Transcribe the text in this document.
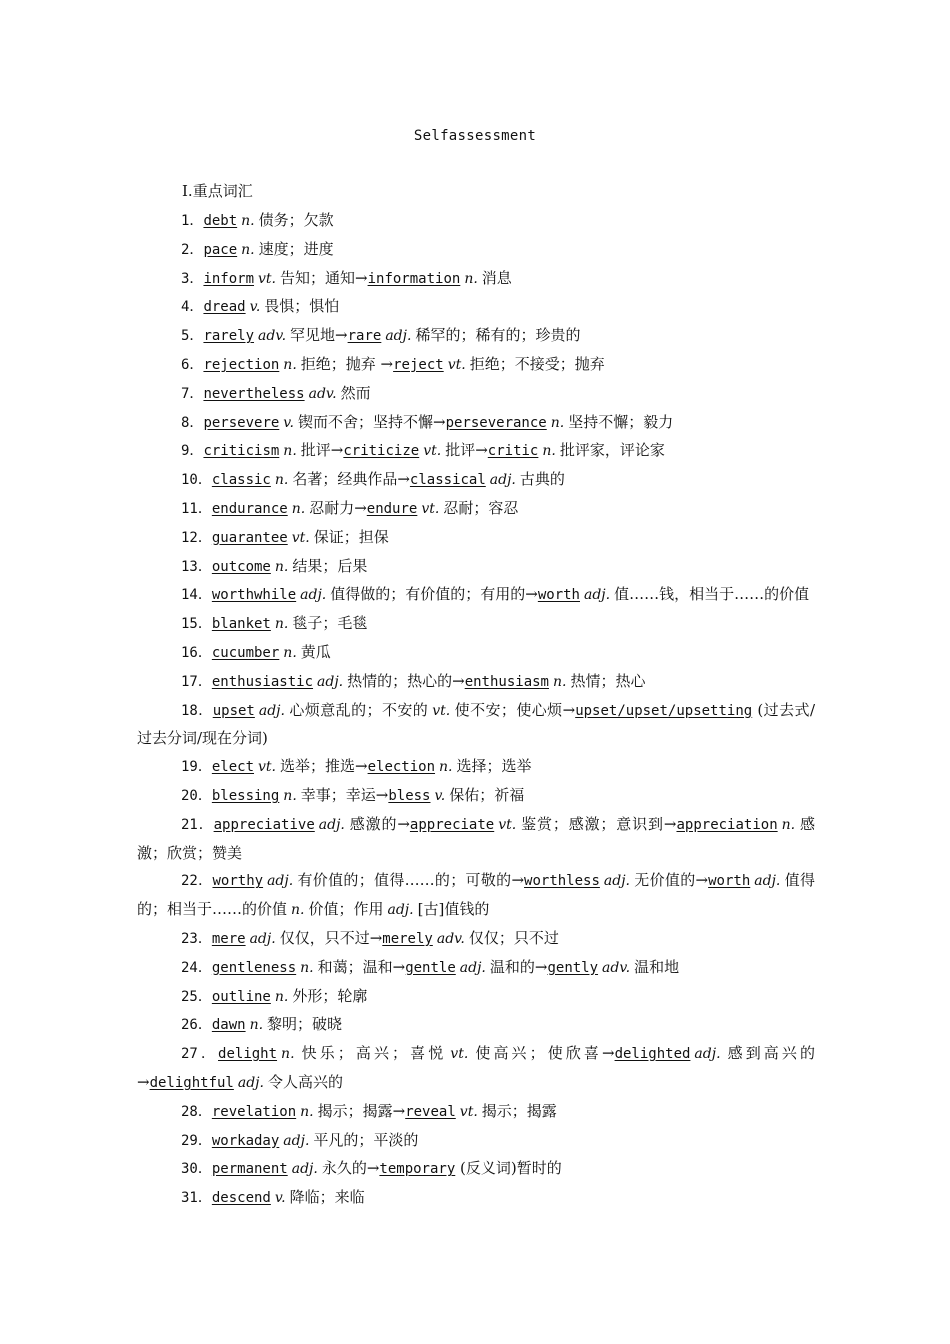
Selfassessment
Ⅰ.重点词汇
1．debt n. 债务；欠款
2．pace n. 速度；进度
3．inform vt. 告知；通知→information n. 消息
4．dread v. 畏惧；惧怕
5．rarely adv. 罕见地→rare adj. 稀罕的；稀有的；珍贵的
6．rejection n. 拒绝；抛弃 →reject vt. 拒绝；不接受；抛弃
7．nevertheless adv. 然而
8．persevere v. 锲而不舍；坚持不懈→perseverance n. 坚持不懈；毅力
9．criticism n. 批评→criticize vt. 批评→critic n. 批评家，评论家
10．classic n. 名著；经典作品→classical adj. 古典的
11．endurance n. 忍耐力→endure vt. 忍耐；容忍
12．guarantee vt. 保证；担保
13．outcome n. 结果；后果
14．worthwhile adj. 值得做的；有价值的；有用的→worth adj. 值……钱，相当于……的价值
15．blanket n. 毯子；毛毯
16．cucumber n. 黄瓜
17．enthusiastic adj. 热情的；热心的→enthusiasm n. 热情；热心
18．upset adj. 心烦意乱的；不安的 vt. 使不安；使心烦→upset/upset/upsetting (过去式/过去分词/现在分词)
19．elect vt. 选举；推选→election n. 选择；选举
20．blessing n. 幸事；幸运→bless v. 保佑；祈福
21．appreciative adj. 感激的→appreciate vt. 鉴赏；感激；意识到→appreciation n. 感激；欣赏；赞美
22．worthy adj. 有价值的；值得……的；可敬的→worthless adj. 无价值的→worth adj. 值得的；相当于……的价值 n. 价值；作用 adj. [古]值钱的
23．mere adj. 仅仅，只不过→merely adv. 仅仅；只不过
24．gentleness n. 和蔼；温和→gentle adj. 温和的→gently adv. 温和地
25．outline n. 外形；轮廓
26．dawn n. 黎明；破晓
27．delight n. 快乐；高兴；喜悦 vt. 使高兴；使欣喜→delighted adj. 感到高兴的→delightful adj. 令人高兴的
28．revelation n. 揭示；揭露→reveal vt. 揭示；揭露
29．workaday adj. 平凡的；平淡的
30．permanent adj. 永久的→temporary (反义词)暂时的
31．descend v. 降临；来临
